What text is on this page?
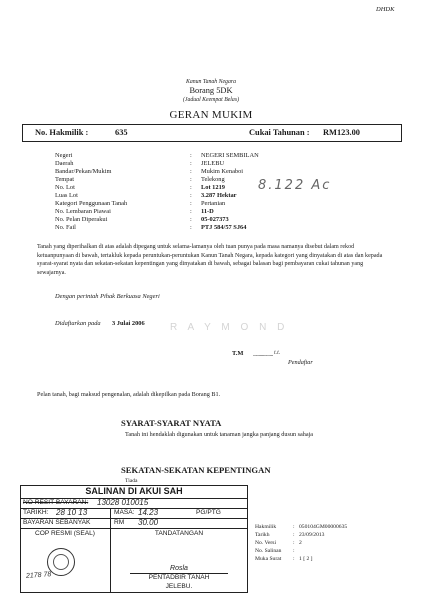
DHDK
Kanun Tanah Negara
Borang 5DK
(Jadual Keempat Belas)
GERAN MUKIM
No. Hakmilik :	635	Cukai Tahunan : RM123.00
Negeri	: NEGERI SEMBILAN
Daerah	: JELEBU
Bandar/Pekan/Mukim	: Mukim Kenaboi
Tempat	: Telekong
No. Lot	: Lot 1219
Luas Lot	: 3.287 Hektar
Kategori Penggunaan Tanah	: Pertanian
No. Lembaran Piawai	: 11-D
No. Pelan Diperakui	: 05-027373
No. Fail	: PTJ 584/57 SJ64
8.122 Ac
Tanah yang diperihalkan di atas adalah dipegang untuk selama-lamanya oleh tuan punya pada masa namanya disebut dalam rekod ketuanpunyaan di bawah, tertakluk kepada peruntukan-peruntukan Kanun Tanah Negara, kepada kategori yang dinyatakan di atas dan kepada syarat-syarat nyata dan sekatan-sekatan kepentingan yang dinyatakan di bawah, sebagai balasan bagi pembayaran cukai tahunan yang sewajarnya.
Dengan perintah Pihak Berkuasa Negeri
Didaftarkan pada 3 Julai 2006	R A Y M O N D
T.M .................. t.t.
Pendaftar
Pelan tanah, bagi maksud pengenalan, adalah dikepilkan pada Borang B1.
SYARAT-SYARAT NYATA
Tanah ini hendaklah digunakan untuk tanaman jangka panjang dusun sahaja
SEKATAN-SEKATAN KEPENTINGAN
Tiada
SALINAN DI AKUI SAH
NO RESIT BAYARAN: 13028 010015
TARIKH: 28 10 13	MASA: 14.23	PG/PTG
BAYARAN SEBANYAK	RM 30.00
COP RESMI (SEAL)	TANDATANGAN
Rosla
PENTADBIR TANAH
JELEBU.
2178 78
Hakmilik	: 050104GM00000635
Tarikh	: 23/09/2013
No. Versi	: 2
No. Salinan :
Muka Surat : 1 [ 2 ]
